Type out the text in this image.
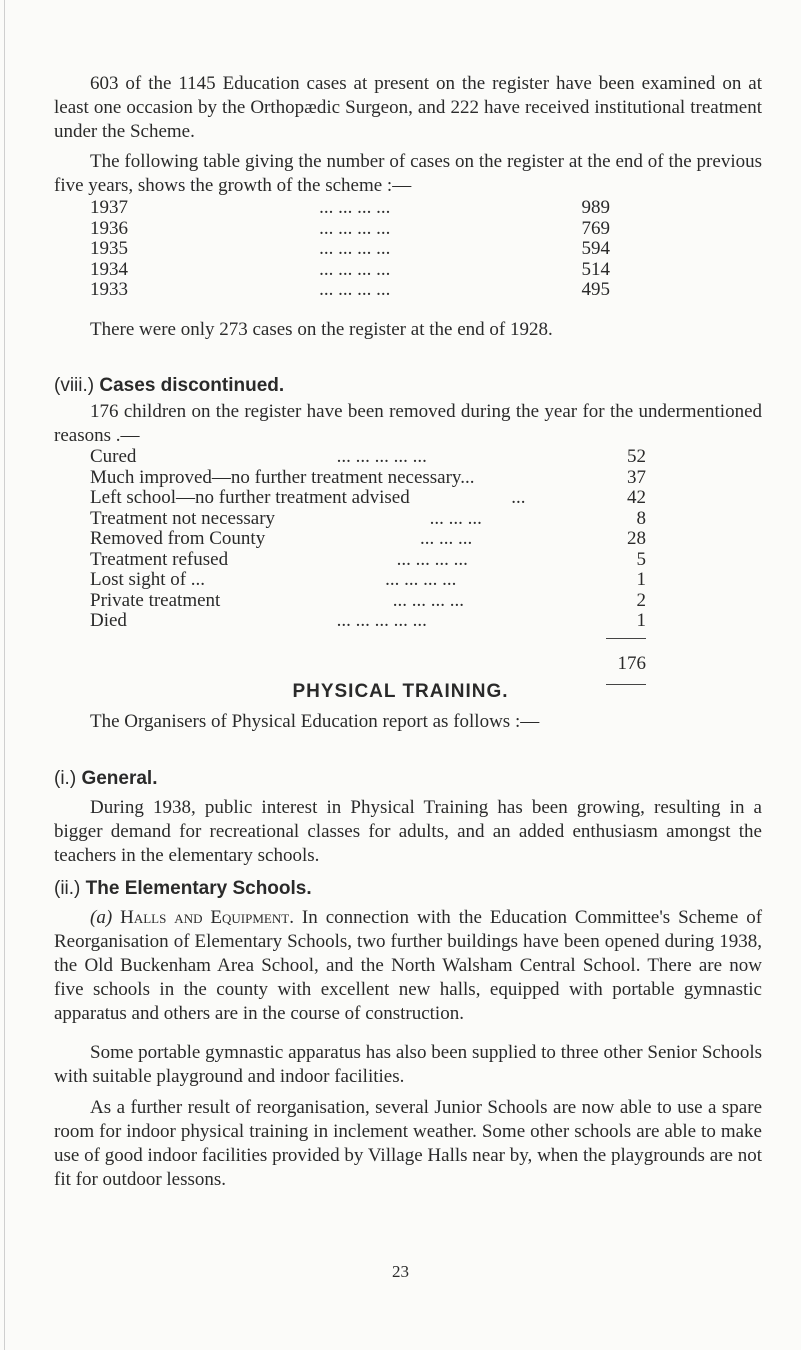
603 of the 1145 Education cases at present on the register have been examined on at least one occasion by the Orthopædic Surgeon, and 222 have received institutional treatment under the Scheme.

The following table giving the number of cases on the register at the end of the previous five years, shows the growth of the scheme :—

1937	... ... ... ...	989
1936	... ... ... ...	769
1935	... ... ... ...	594
1934	... ... ... ...	514
1933	... ... ... ...	495

There were only 273 cases on the register at the end of 1928.

(viii.) Cases discontinued.

176 children on the register have been removed during the year for the undermentioned reasons .—

Cured	... ... ... ... ...	52
Much improved—no further treatment necessary...	37
Left school—no further treatment advised	...	42
Treatment not necessary	... ... ...	8
Removed from County	... ... ...	28
Treatment refused	... ... ... ...	5
Lost sight of ...	... ... ... ...	1
Private treatment	... ... ... ...	2
Died	... ... ... ... ...	1
176
PHYSICAL TRAINING.

The Organisers of Physical Education report as follows :—

(i.) General.

During 1938, public interest in Physical Training has been growing, resulting in a bigger demand for recreational classes for adults, and an added enthusiasm amongst the teachers in the elementary schools.

(ii.) The Elementary Schools.

(a) Halls and Equipment. In connection with the Education Committee's Scheme of Reorganisation of Elementary Schools, two further buildings have been opened during 1938, the Old Buckenham Area School, and the North Walsham Central School. There are now five schools in the county with excellent new halls, equipped with portable gymnastic apparatus and others are in the course of construction.

Some portable gymnastic apparatus has also been supplied to three other Senior Schools with suitable playground and indoor facilities.

As a further result of reorganisation, several Junior Schools are now able to use a spare room for indoor physical training in inclement weather. Some other schools are able to make use of good indoor facilities provided by Village Halls near by, when the playgrounds are not fit for outdoor lessons.

23
